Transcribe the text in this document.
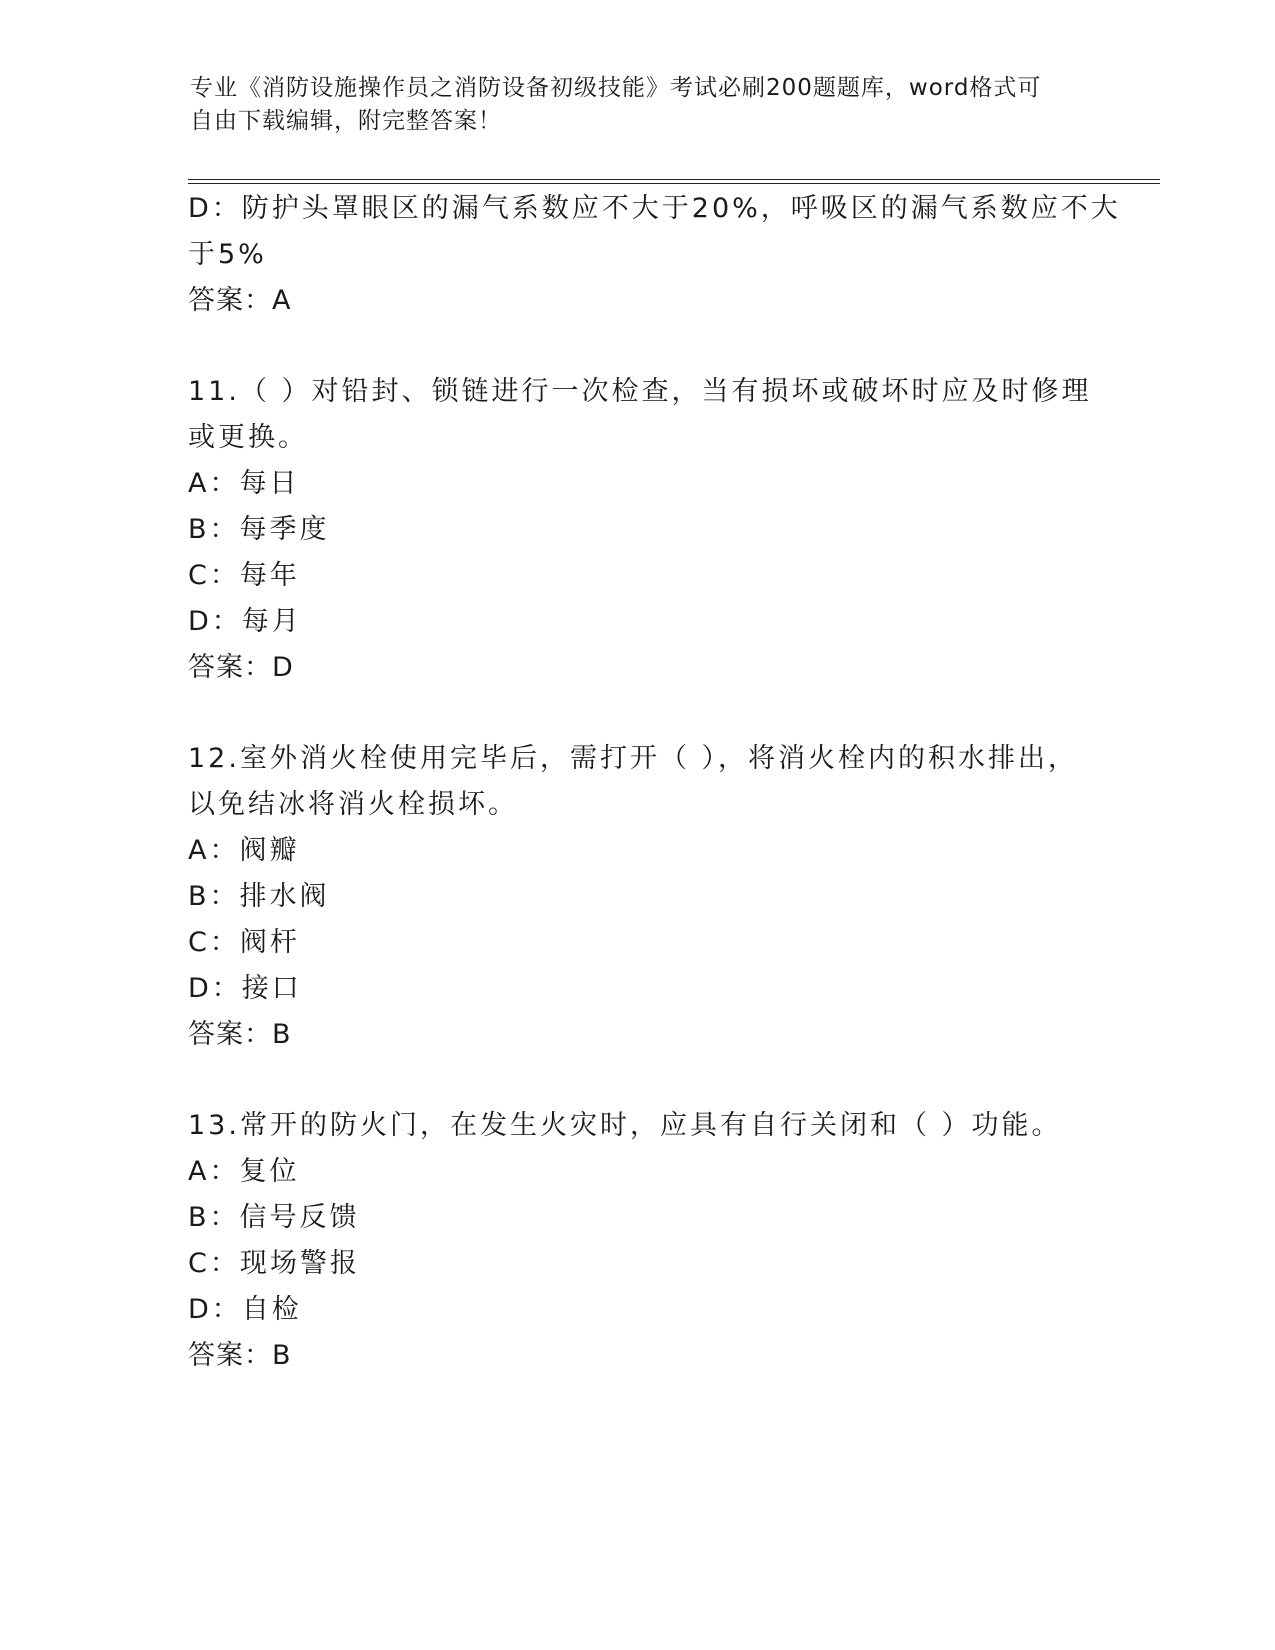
专业《消防设施操作员之消防设备初级技能》考试必刷200题题库，word格式可
自由下载编辑，附完整答案！
D：防护头罩眼区的漏气系数应不大于20%，呼吸区的漏气系数应不大
于5%
答案：A
11.（ ）对铅封、锁链进行一次检查，当有损坏或破坏时应及时修理
或更换。
A：每日
B：每季度
C：每年
D：每月
答案：D
12.室外消火栓使用完毕后，需打开（ ），将消火栓内的积水排出，
以免结冰将消火栓损坏。
A：阀瓣
B：排水阀
C：阀杆
D：接口
答案：B
13.常开的防火门，在发生火灾时，应具有自行关闭和（ ）功能。
A：复位
B：信号反馈
C：现场警报
D：自检
答案：B
